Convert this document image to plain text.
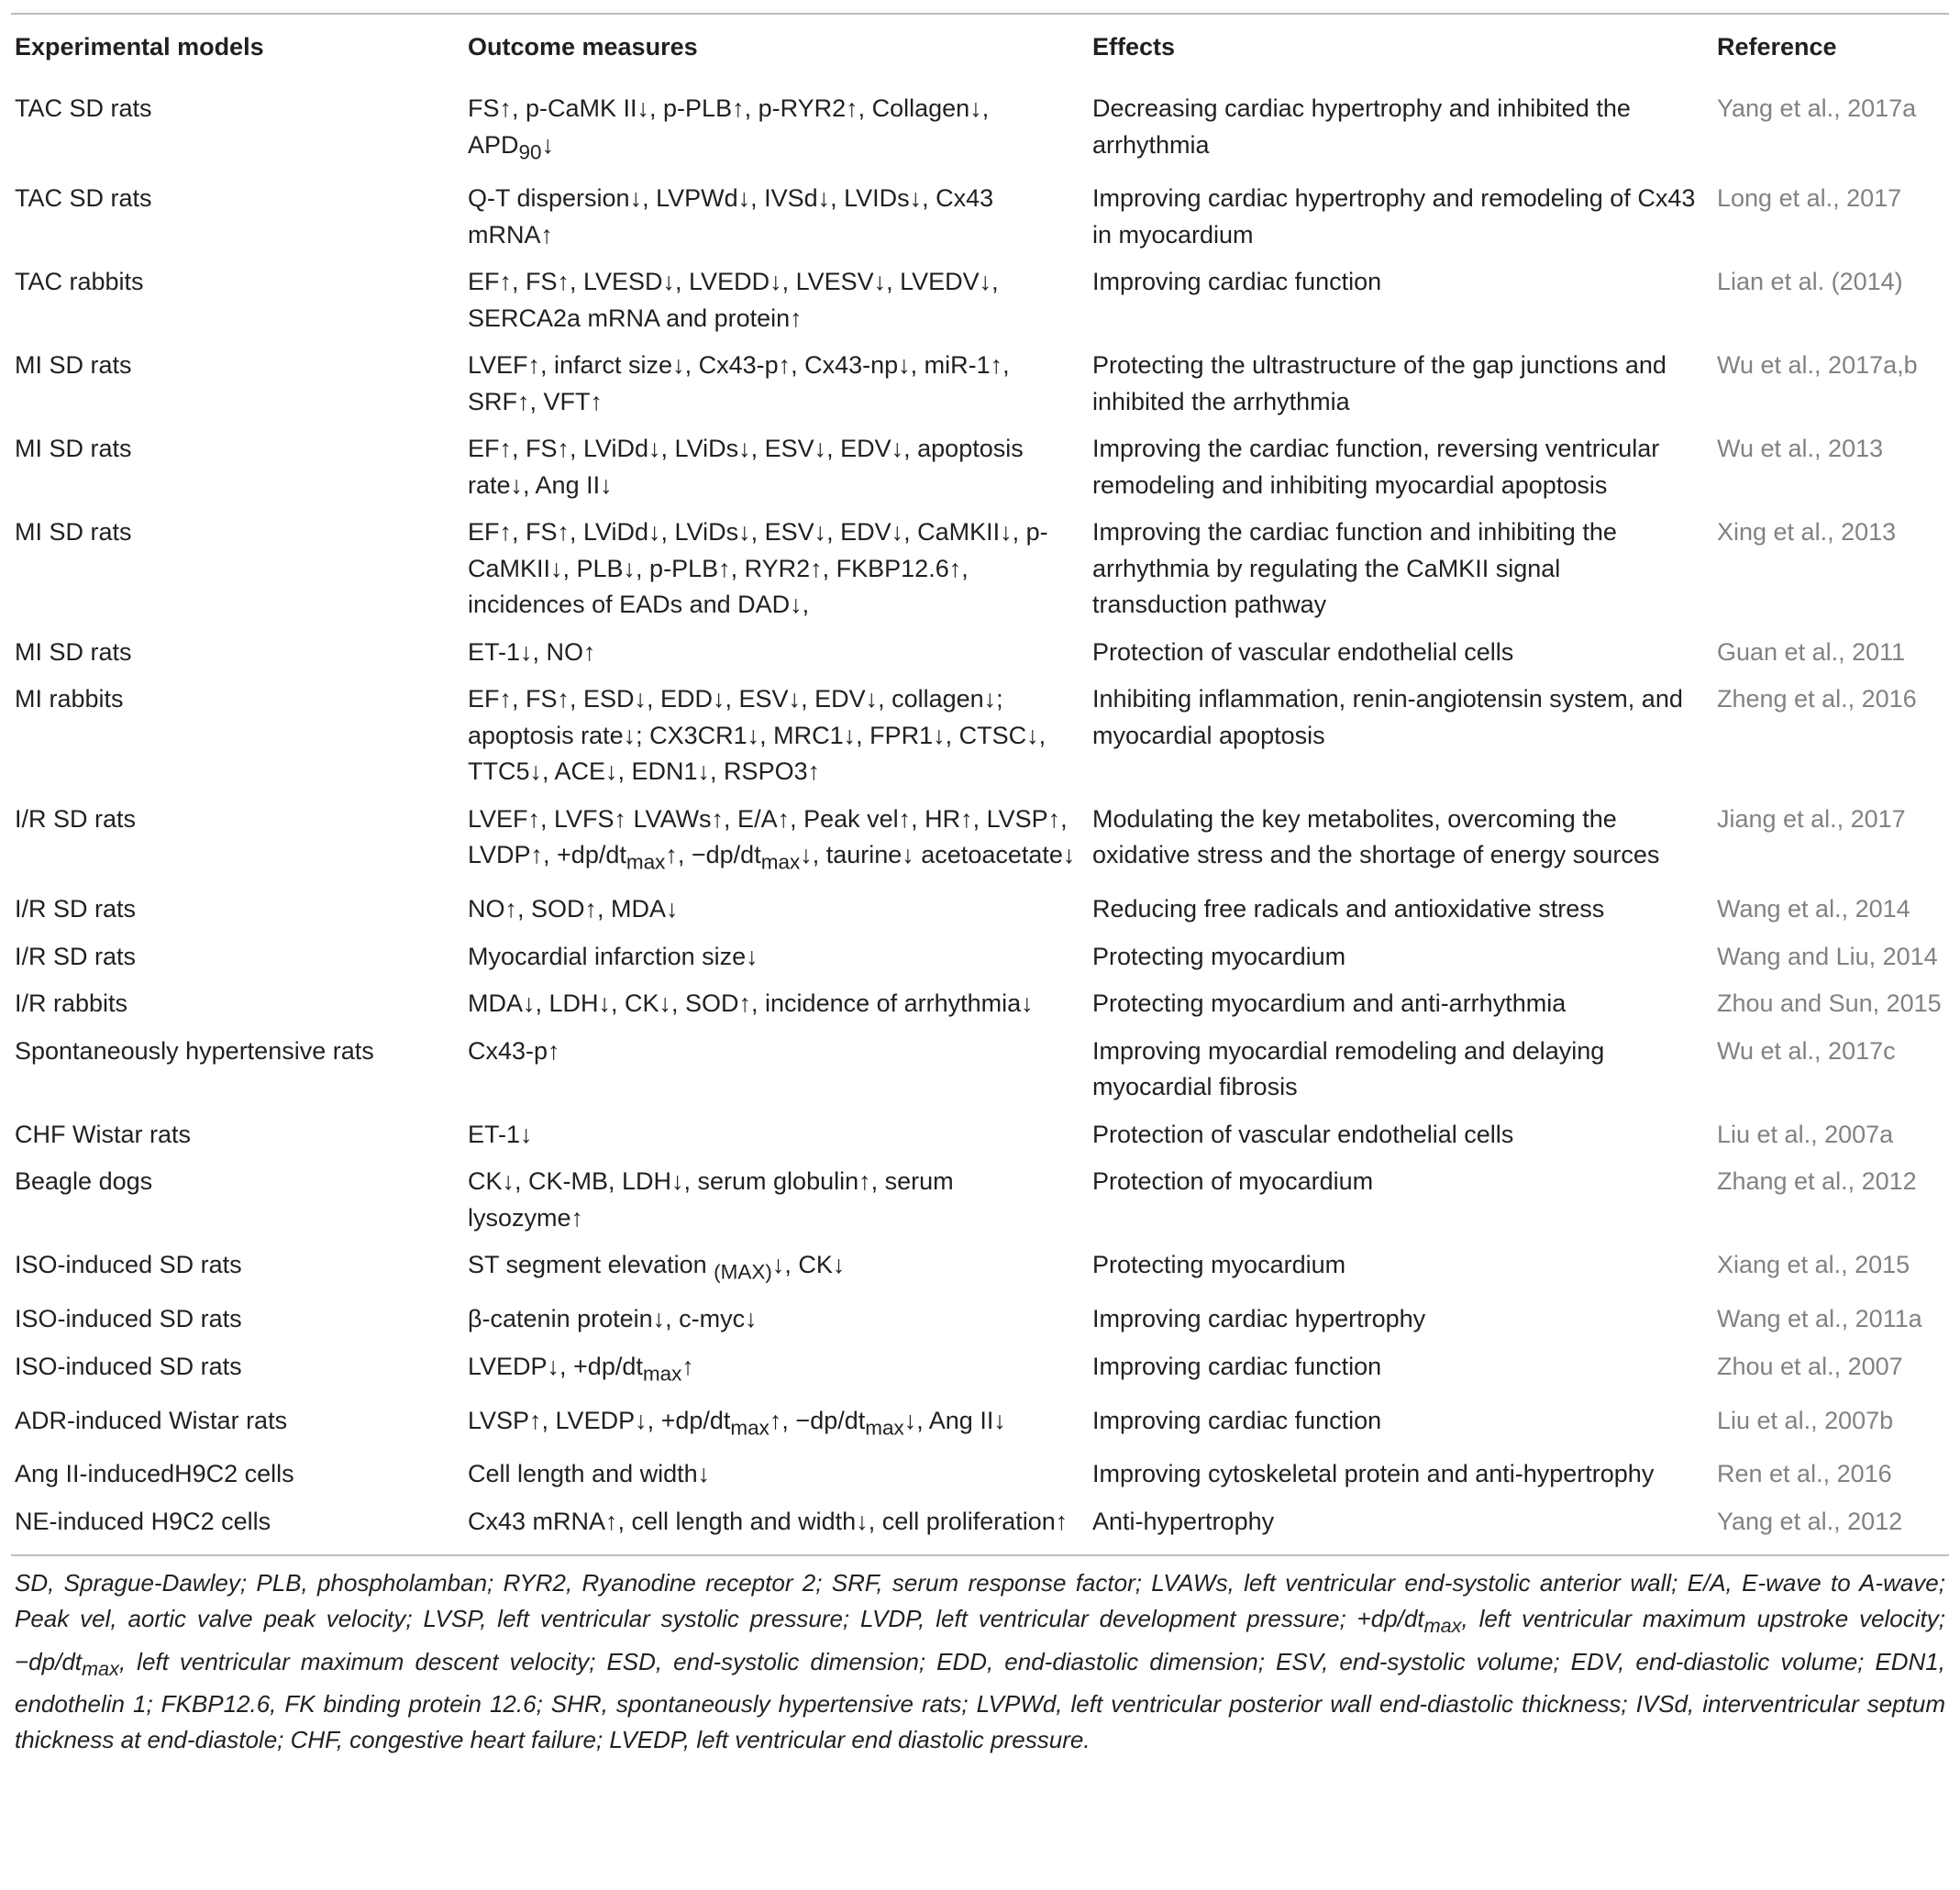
Experimental models	Outcome measures	Effects	Reference
TAC SD rats	FS↑, p-CaMK II↓, p-PLB↑, p-RYR2↑, Collagen↓, $APD_{90}↓$	Decreasing cardiac hypertrophy and inhibited the arrhythmia	Yang et al., 2017a
TAC SD rats	Q-T dispersion↓, LVPWd↓, IVSd↓, LVIDs↓, Cx43 mRNA↑	Improving cardiac hypertrophy and remodeling of Cx43 in myocardium	Long et al., 2017
TAC rabbits	EF↑, FS↑, LVESD↓, LVEDD↓, LVESV↓, LVEDV↓, SERCA2a mRNA and protein↑	Improving cardiac function	Lian et al. (2014)
MI SD rats	LVEF↑, infarct size↓, Cx43-p↑, Cx43-np↓, miR-1↑, SRF↑, VFT↑	Protecting the ultrastructure of the gap junctions and inhibited the arrhythmia	Wu et al., 2017a,b
MI SD rats	EF↑, FS↑, LViDd↓, LViDs↓, ESV↓, EDV↓, apoptosis rate↓, Ang II↓	Improving the cardiac function, reversing ventricular remodeling and inhibiting myocardial apoptosis	Wu et al., 2013
MI SD rats	EF↑, FS↑, LViDd↓, LViDs↓, ESV↓, EDV↓, CaMKII↓, p-CaMKII↓, PLB↓, p-PLB↑, RYR2↑, FKBP12.6↑, incidences of EADs and DAD↓,	Improving the cardiac function and inhibiting the arrhythmia by regulating the CaMKII signal transduction pathway	Xing et al., 2013
MI SD rats	ET-1↓, NO↑	Protection of vascular endothelial cells	Guan et al., 2011
MI rabbits	EF↑, FS↑, ESD↓, EDD↓, ESV↓, EDV↓, collagen↓; apoptosis rate↓; CX3CR1↓, MRC1↓, FPR1↓, CTSC↓, TTC5↓, ACE↓, EDN1↓, RSPO3↑	Inhibiting inflammation, renin-angiotensin system, and myocardial apoptosis	Zheng et al., 2016
I/R SD rats	LVEF↑, LVFS↑ LVAWs↑, E/A↑, Peak vel↑, HR↑, LVSP↑, LVDP↑, $+dp/dt_{max}↑$, $-dp/dt_{max}↓$, taurine↓ acetoacetate↓	Modulating the key metabolites, overcoming the oxidative stress and the shortage of energy sources	Jiang et al., 2017
I/R SD rats	NO↑, SOD↑, MDA↓	Reducing free radicals and antioxidative stress	Wang et al., 2014
I/R SD rats	Myocardial infarction size↓	Protecting myocardium	Wang and Liu, 2014
I/R rabbits	MDA↓, LDH↓, CK↓, SOD↑, incidence of arrhythmia↓	Protecting myocardium and anti-arrhythmia	Zhou and Sun, 2015
Spontaneously hypertensive rats	Cx43-p↑	Improving myocardial remodeling and delaying myocardial fibrosis	Wu et al., 2017c
CHF Wistar rats	ET-1↓	Protection of vascular endothelial cells	Liu et al., 2007a
Beagle dogs	CK↓, CK-MB, LDH↓, serum globulin↑, serum lysozyme↑	Protection of myocardium	Zhang et al., 2012
ISO-induced SD rats	ST segment elevation $_{(MAX)}$↓, CK↓	Protecting myocardium	Xiang et al., 2015
ISO-induced SD rats	β-catenin protein↓, c-myc↓	Improving cardiac hypertrophy	Wang et al., 2011a
ISO-induced SD rats	LVEDP↓, $+dp/dt_{max}↑$	Improving cardiac function	Zhou et al., 2007
ADR-induced Wistar rats	LVSP↑, LVEDP↓, $+dp/dt_{max}↑$, $-dp/dt_{max}↓$, Ang II↓	Improving cardiac function	Liu et al., 2007b
Ang II-inducedH9C2 cells	Cell length and width↓	Improving cytoskeletal protein and anti-hypertrophy	Ren et al., 2016
NE-induced H9C2 cells	Cx43 mRNA↑, cell length and width↓, cell proliferation↑	Anti-hypertrophy	Yang et al., 2012
SD, Sprague-Dawley; PLB, phospholamban; RYR2, Ryanodine receptor 2; SRF, serum response factor; LVAWs, left ventricular end-systolic anterior wall; E/A, E-wave to A-wave; Peak vel, aortic valve peak velocity; LVSP, left ventricular systolic pressure; LVDP, left ventricular development pressure; $+dp/dt_{max}$, left ventricular maximum upstroke velocity; $-dp/dt_{max}$, left ventricular maximum descent velocity; ESD, end-systolic dimension; EDD, end-diastolic dimension; ESV, end-systolic volume; EDV, end-diastolic volume; EDN1, endothelin 1; FKBP12.6, FK binding protein 12.6; SHR, spontaneously hypertensive rats; LVPWd, left ventricular posterior wall end-diastolic thickness; IVSd, interventricular septum thickness at end-diastole; CHF, congestive heart failure; LVEDP, left ventricular end diastolic pressure.
